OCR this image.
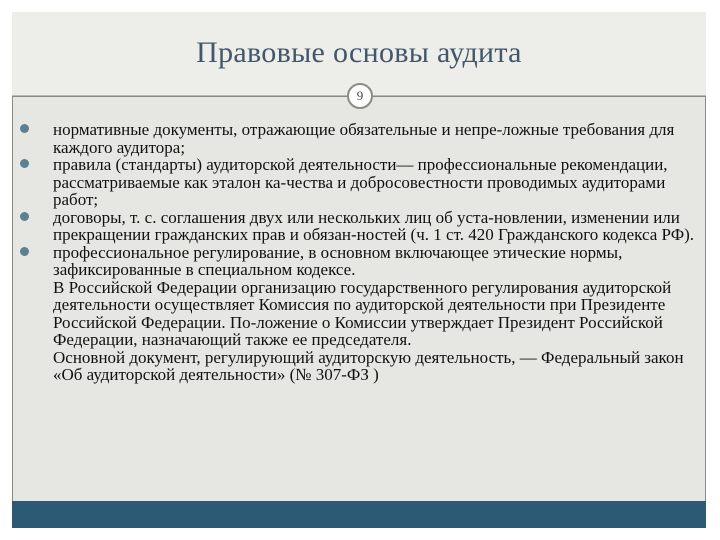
Правовые основы аудита
9

нормативные документы, отражающие обязательные и непре-ложные требования для каждого аудитора;

правила (стандарты) аудиторской деятельности— профессиональные рекомендации, рассматриваемые как эталон ка-чества и добросовестности проводимых аудиторами работ;

договоры, т. с. соглашения двух или нескольких лиц об уста-новлении, изменении или прекращении гражданских прав и обязан-ностей (ч. 1 ст. 420 Гражданского кодекса РФ).

профессиональное регулирование, в основном включающее этические нормы, зафиксированные в специальном кодексе.

В Российской Федерации организацию государственного регулирования аудиторской деятельности осуществляет Комиссия по аудиторской деятельности при Президенте Российской Федерации. По-ложение о Комиссии утверждает Президент Российской Федерации, назначающий также ее председателя.

Основной документ, регулирующий аудиторскую деятельность, — Федеральный закон «Об аудиторской деятельности» (№ 307-ФЗ )
